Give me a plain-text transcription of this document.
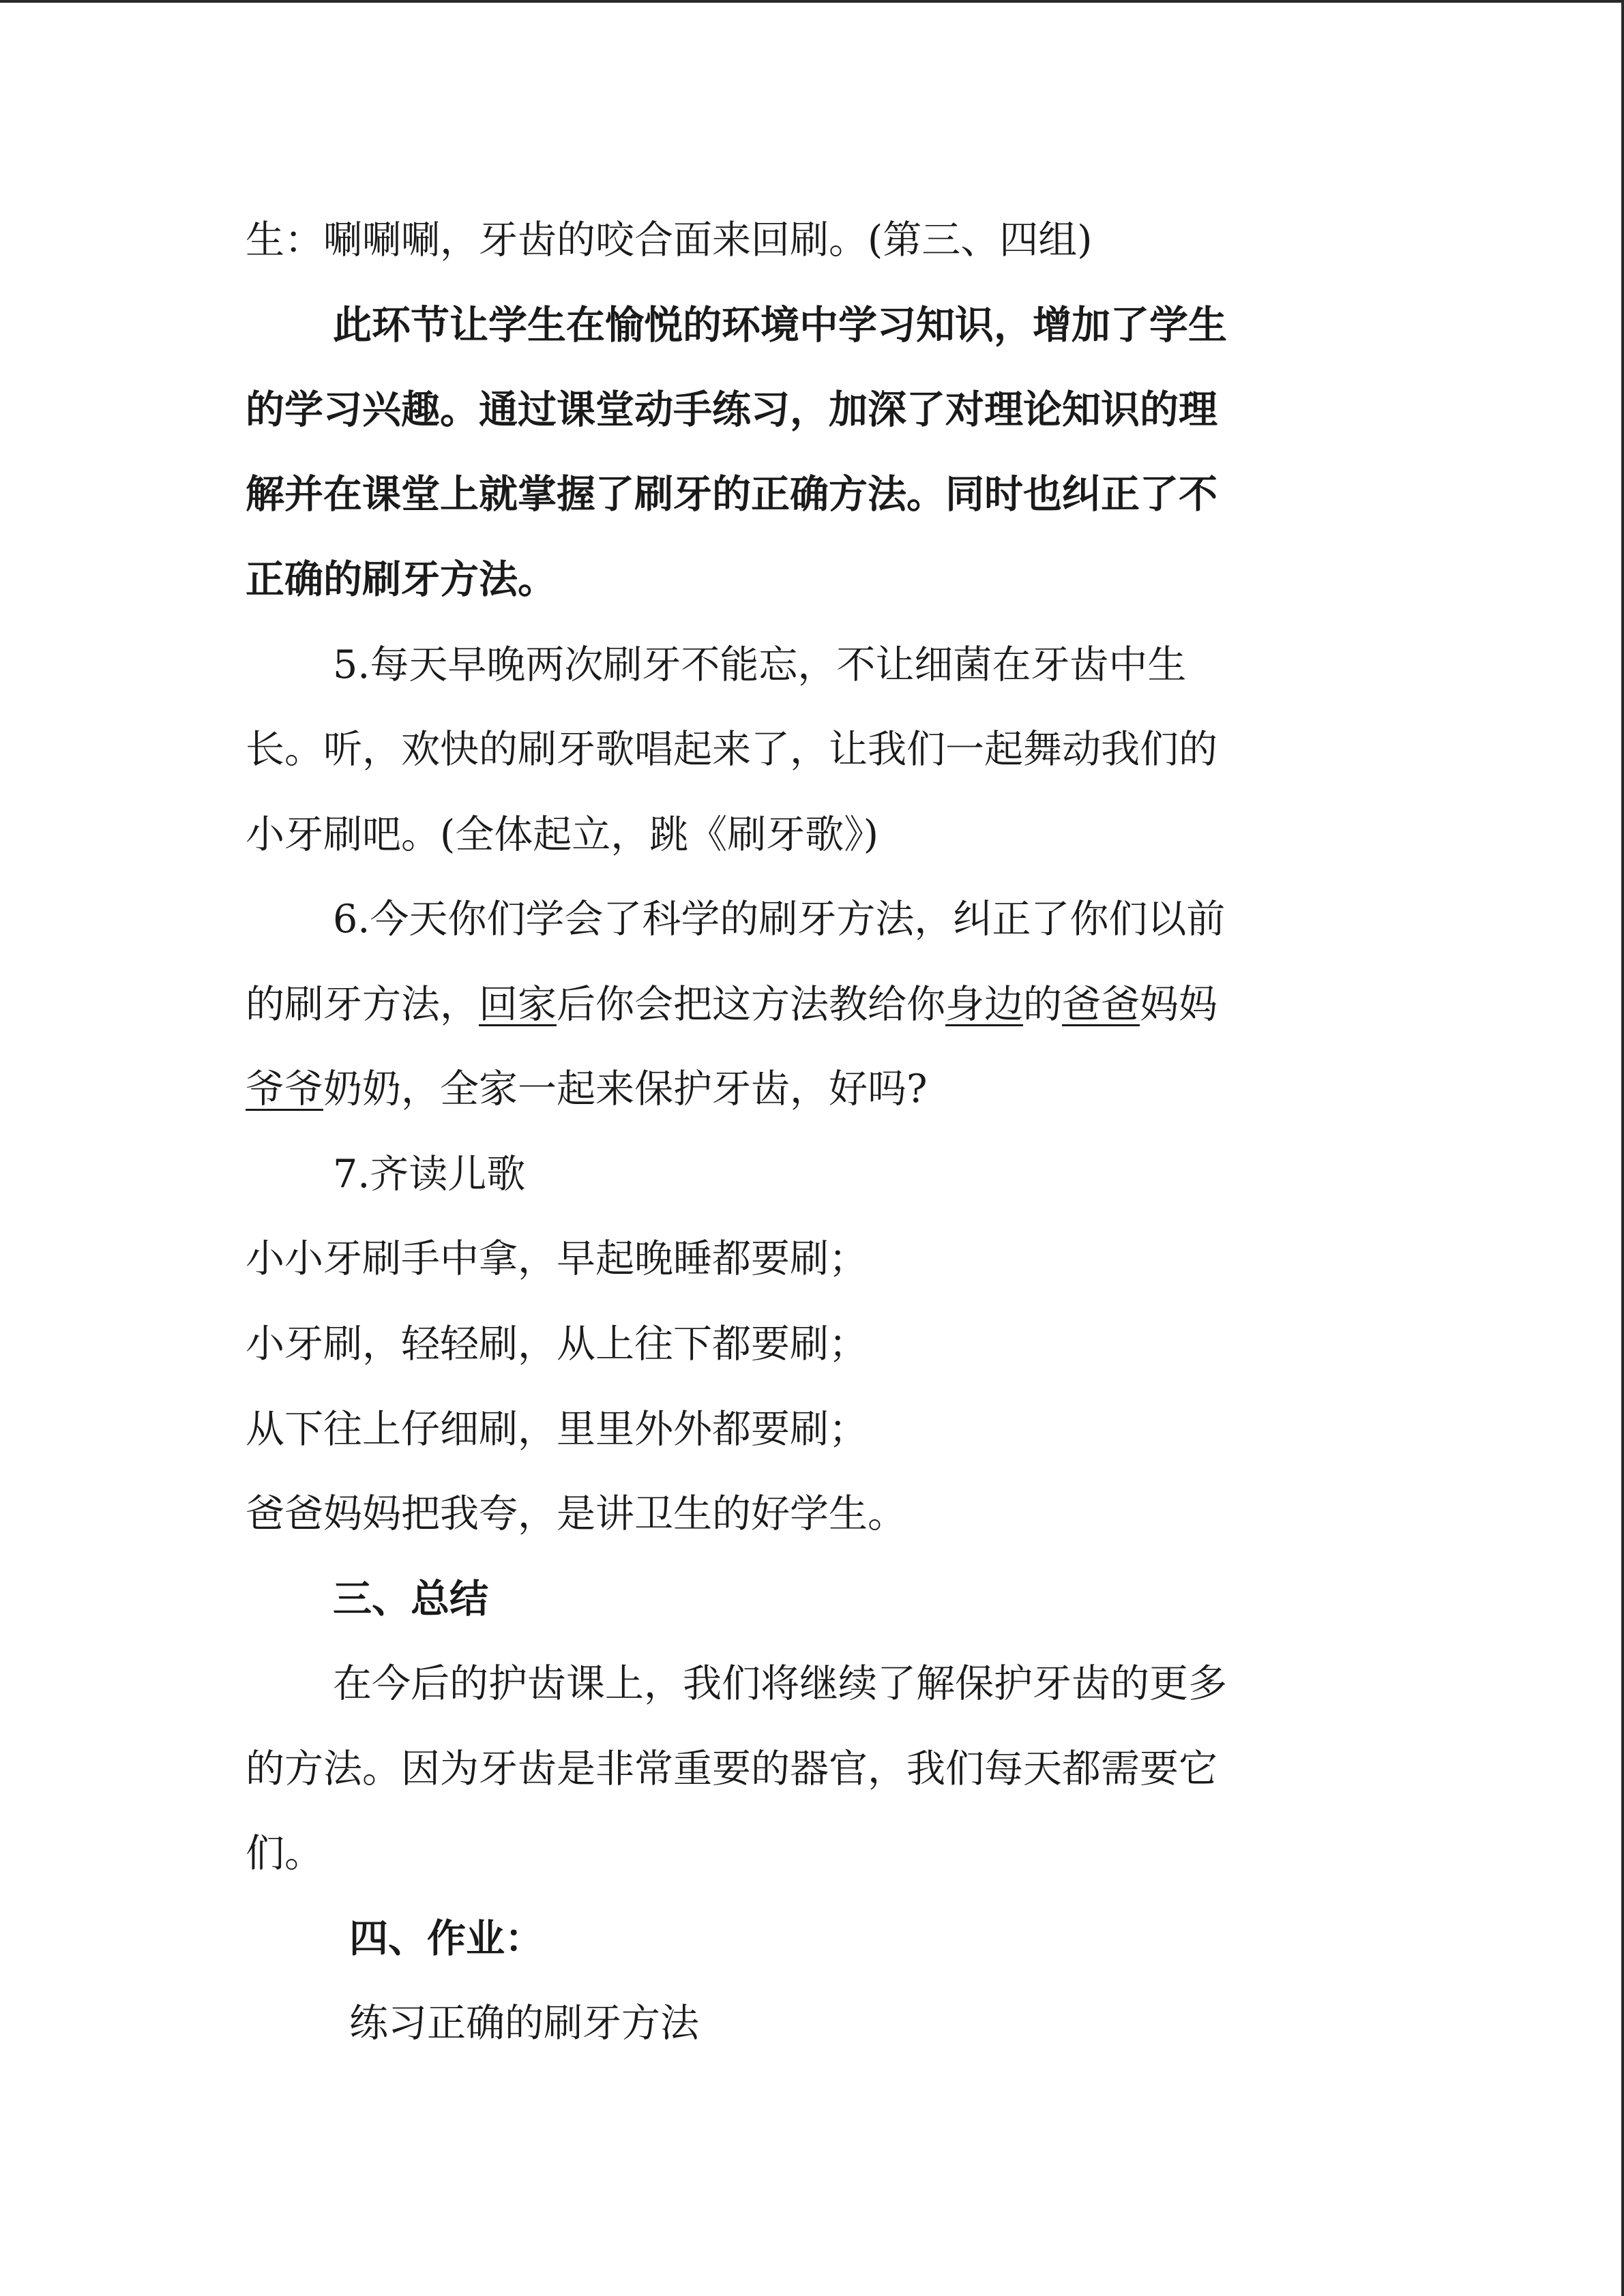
生：唰唰唰，牙齿的咬合面来回刷。(第三、四组)
此环节让学生在愉悦的环境中学习知识，增加了学生
的学习兴趣。通过课堂动手练习，加深了对理论知识的理
解并在课堂上就掌握了刷牙的正确方法。同时也纠正了不
正确的刷牙方法。
5.每天早晚两次刷牙不能忘，不让细菌在牙齿中生
长。听，欢快的刷牙歌唱起来了，让我们一起舞动我们的
小牙刷吧。(全体起立，跳《刷牙歌》)
6.今天你们学会了科学的刷牙方法，纠正了你们以前
的刷牙方法，回家后你会把这方法教给你身边的爸爸妈妈
爷爷奶奶，全家一起来保护牙齿，好吗?
7.齐读儿歌
小小牙刷手中拿，早起晚睡都要刷；
小牙刷，轻轻刷，从上往下都要刷；
从下往上仔细刷，里里外外都要刷；
爸爸妈妈把我夸，是讲卫生的好学生。
三、总结
在今后的护齿课上，我们将继续了解保护牙齿的更多
的方法。因为牙齿是非常重要的器官，我们每天都需要它
们。
四、作业：
练习正确的刷牙方法
